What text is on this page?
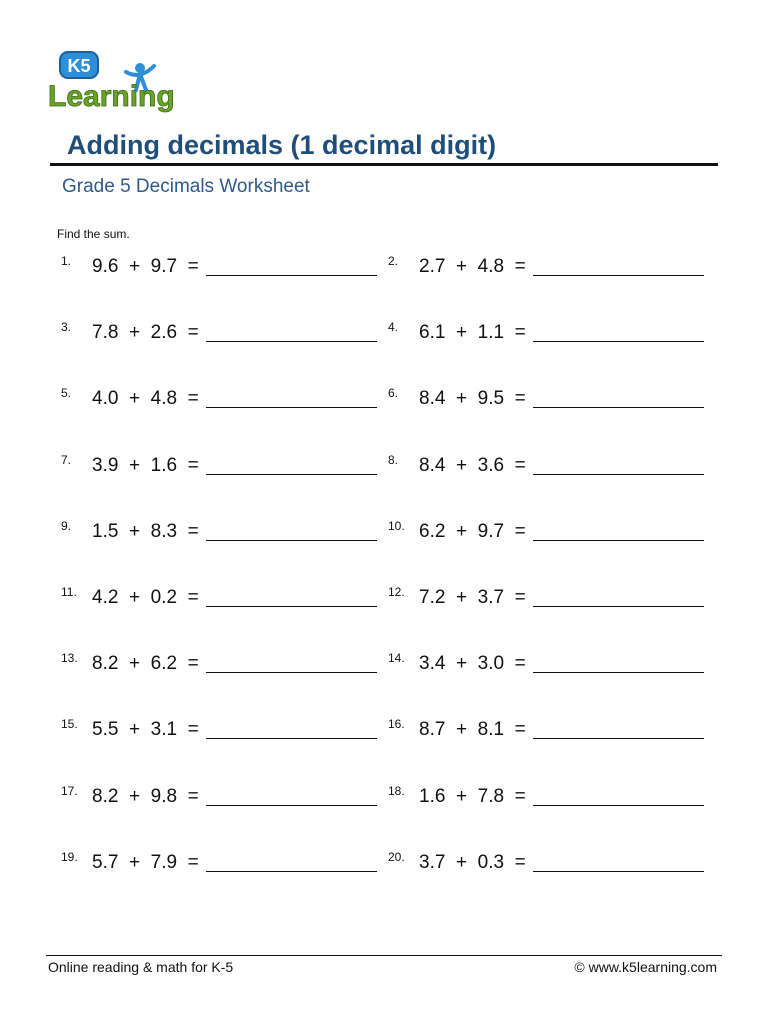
K5
Learning
Adding decimals (1 decimal digit)
Grade 5 Decimals Worksheet
Find the sum.
1. 9.6  +  9.7  =	2. 2.7  +  4.8  =
3. 7.8  +  2.6  =	4. 6.1  +  1.1  =
5. 4.0  +  4.8  =	6. 8.4  +  9.5  =
7. 3.9  +  1.6  =	8. 8.4  +  3.6  =
9. 1.5  +  8.3  =	10. 6.2  +  9.7  =
11. 4.2  +  0.2  =	12. 7.2  +  3.7  =
13. 8.2  +  6.2  =	14. 3.4  +  3.0  =
15. 5.5  +  3.1  =	16. 8.7  +  8.1  =
17. 8.2  +  9.8  =	18. 1.6  +  7.8  =
19. 5.7  +  7.9  =	20. 3.7  +  0.3  =
Online reading & math for K-5	© www.k5learning.com
